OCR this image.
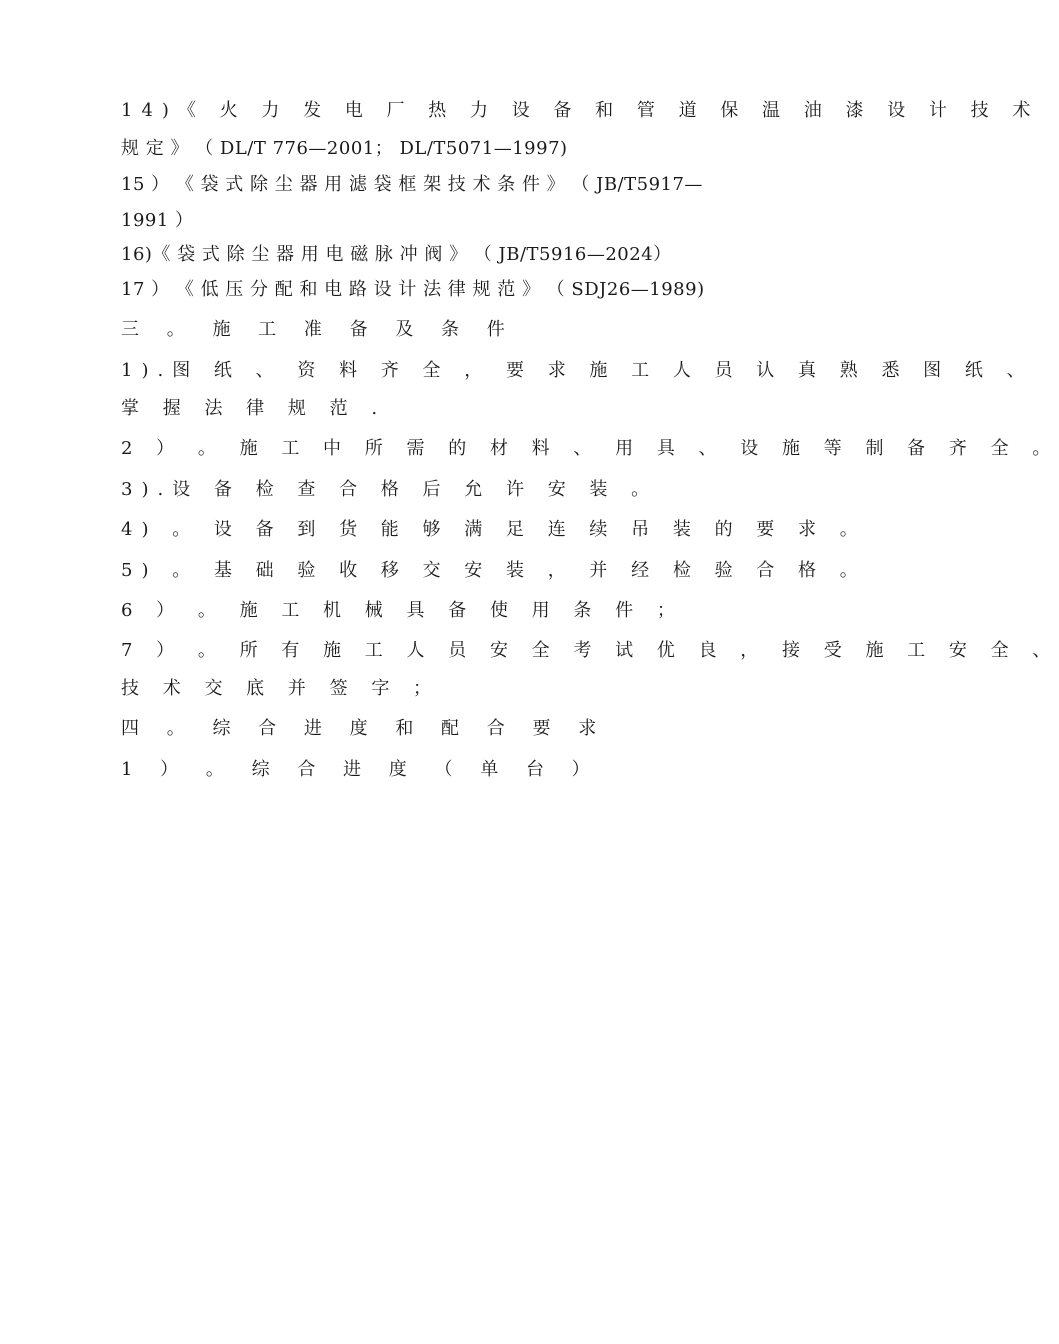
14)《 火 力 发 电 厂 热 力 设 备 和 管 道 保 温 油 漆 设 计 技 术
规 定 》 （ DL/T 776—2001； DL/T5071—1997)
15 ） 《 袋 式 除 尘 器 用 滤 袋 框 架 技 术 条 件 》 （ JB/T5917—
1991 ）
16)《 袋 式 除 尘 器 用 电 磁 脉 冲 阀 》 （ JB/T5916—2024）
17 ） 《 低 压 分 配 和 电 路 设 计 法 律 规 范 》 （ SDJ26—1989)
三 。 施 工 准 备 及 条 件
1).图 纸 、 资 料 齐 全 ， 要 求 施 工 人 员 认 真 熟 悉 图 纸 、
掌 握 法 律 规 范 .
2 ） 。 施 工 中 所 需 的 材 料 、 用 具 、 设 施 等 制 备 齐 全 。
3).设 备 检 查 合 格 后 允 许 安 装 。
4) 。 设 备 到 货 能 够 满 足 连 续 吊 装 的 要 求 。
5) 。 基 础 验 收 移 交 安 装 ， 并 经 检 验 合 格 。
6 ） 。 施 工 机 械 具 备 使 用 条 件 ；
7 ） 。 所 有 施 工 人 员 安 全 考 试 优 良 ， 接 受 施 工 安 全 、
技 术 交 底 并 签 字 ；
四 。 综 合 进 度 和 配 合 要 求
1 ） 。 综 合 进 度 （ 单 台 ）
